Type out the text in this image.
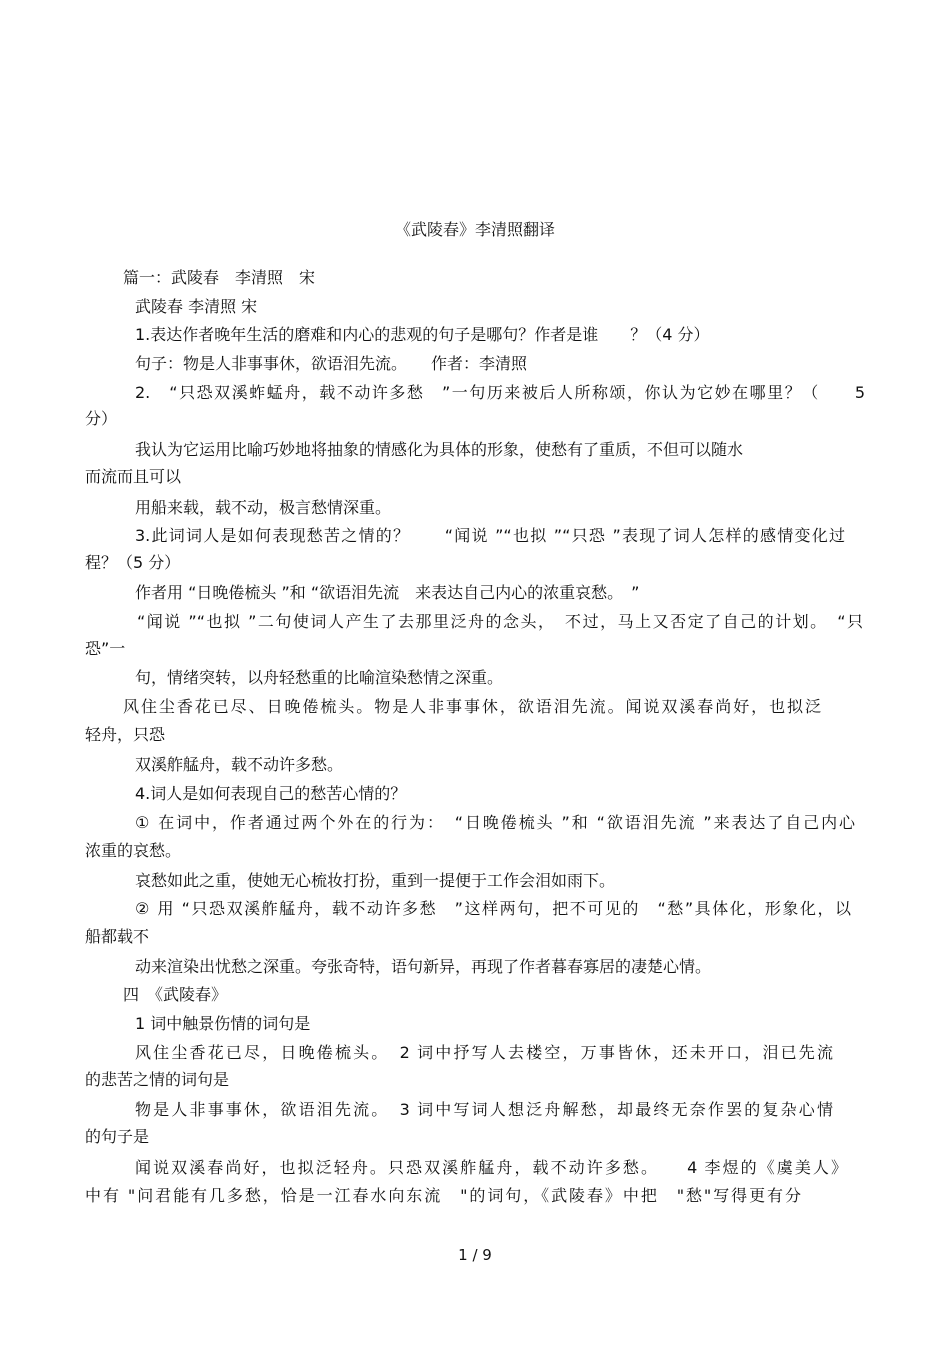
《武陵春》李清照翻译
篇一：武陵春　李清照　宋
武陵春 李清照 宋
1.表达作者晚年生活的磨难和内心的悲观的句子是哪句？作者是谁　　？（4 分）
句子：物是人非事事休，欲语泪先流。　　作者：李清照
2.　“只恐双溪蚱蜢舟，载不动许多愁　”一句历来被后人所称颂，你认为它妙在哪里？（　　5
分）
我认为它运用比喻巧妙地将抽象的情感化为具体的形象，使愁有了重质，不但可以随水
而流而且可以
用船来载，载不动，极言愁情深重。
3.此词词人是如何表现愁苦之情的？　　“闻说 ”“也拟 ”“只恐 ”表现了词人怎样的感情变化过
程？（5 分）
作者用 “日晚倦梳头 ”和 “欲语泪先流　来表达自己内心的浓重哀愁。　”
“闻说 ”“也拟 ”二句使词人产生了去那里泛舟的念头，　不过，马上又否定了自己的计划。　“只
恐”一
句，情绪突转，以舟轻愁重的比喻渲染愁情之深重。
风住尘香花已尽、日晚倦梳头。物是人非事事休，欲语泪先流。闻说双溪春尚好，也拟泛
轻舟，只恐
双溪舴艋舟，载不动许多愁。
4.词人是如何表现自己的愁苦心情的？
① 在词中，作者通过两个外在的行为：　“日晚倦梳头 ”和 “欲语泪先流 ”来表达了自己内心
浓重的哀愁。
哀愁如此之重，使她无心梳妆打扮，重到一提便于工作会泪如雨下。
② 用 “只恐双溪舴艋舟，载不动许多愁　”这样两句，把不可见的　“愁”具体化，形象化，以
船都载不
动来渲染出忧愁之深重。夸张奇特，语句新异，再现了作者暮春寡居的凄楚心情。
四　《武陵春》
1 词中触景伤情的词句是
风住尘香花已尽，日晚倦梳头。　2 词中抒写人去楼空，万事皆休，还未开口，泪已先流
的悲苦之情的词句是
物是人非事事休，欲语泪先流。　3 词中写词人想泛舟解愁，却最终无奈作罢的复杂心情
的句子是
闻说双溪春尚好，也拟泛轻舟。只恐双溪舴艋舟，载不动许多愁。　　4 李煜的《虞美人》
中有 "问君能有几多愁，恰是一江春水向东流　"的词句，《武陵春》中把　"愁"写得更有分
1 / 9
